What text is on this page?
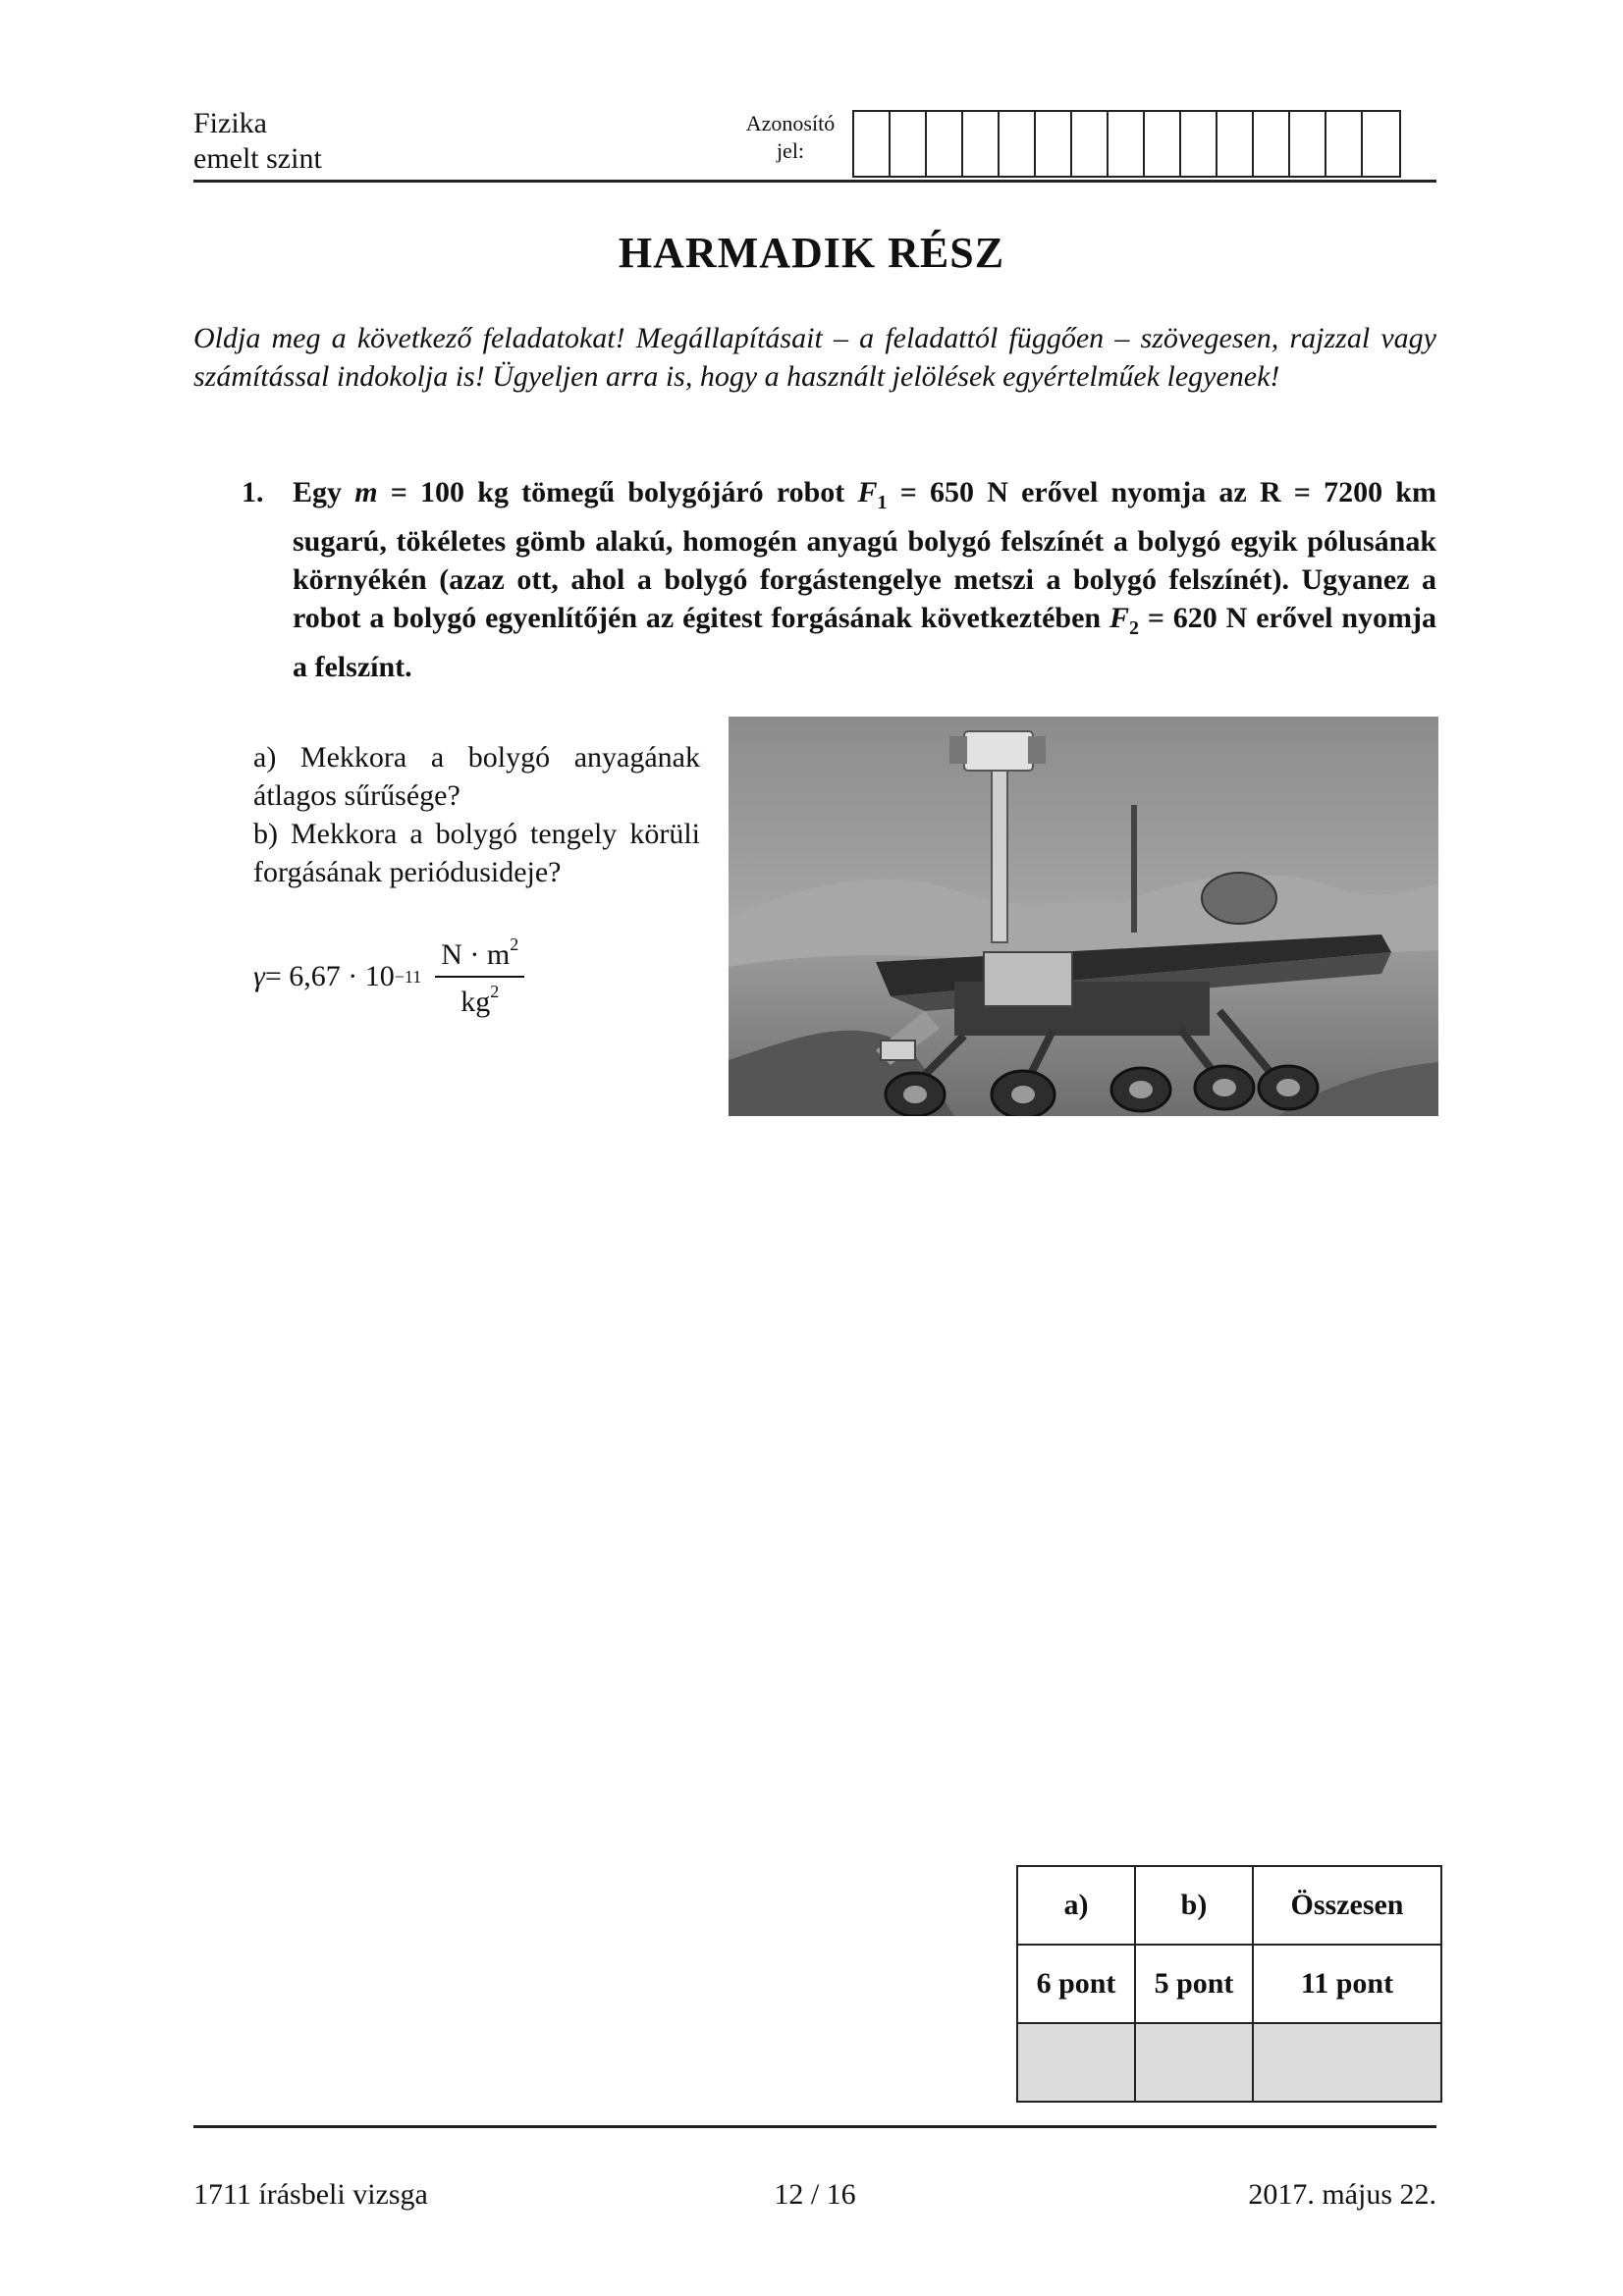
Fizika
emelt szint
Azonosító
jel:
HARMADIK RÉSZ
Oldja meg a következő feladatokat! Megállapításait – a feladattól függően – szövegesen, rajzzal vagy számítással indokolja is! Ügyeljen arra is, hogy a használt jelölések egyértelműek legyenek!
1. Egy m = 100 kg tömegű bolygójáró robot $F_1 = 650$ N erővel nyomja az R = 7200 km sugarú, tökéletes gömb alakú, homogén anyagú bolygó felszínét a bolygó egyik pólusának környékén (azaz ott, ahol a bolygó forgástengelye metszi a bolygó felszínét). Ugyanez a robot a bolygó egyenlítőjén az égitest forgásának következtében $F_2 = 620$ N erővel nyomja a felszínt.

a) Mekkora a bolygó anyagának átlagos sűrűsége?

b) Mekkora a bolygó tengely körüli forgásának periódusideje?

$\gamma = 6,67 \cdot 10 -11 \frac{N \cdot m^2}{kg^2}$
a)	b)	Összesen
6 pont	5 pont	11 pont

1711 írásbeli vizsga	12 / 16	2017. május 22.
